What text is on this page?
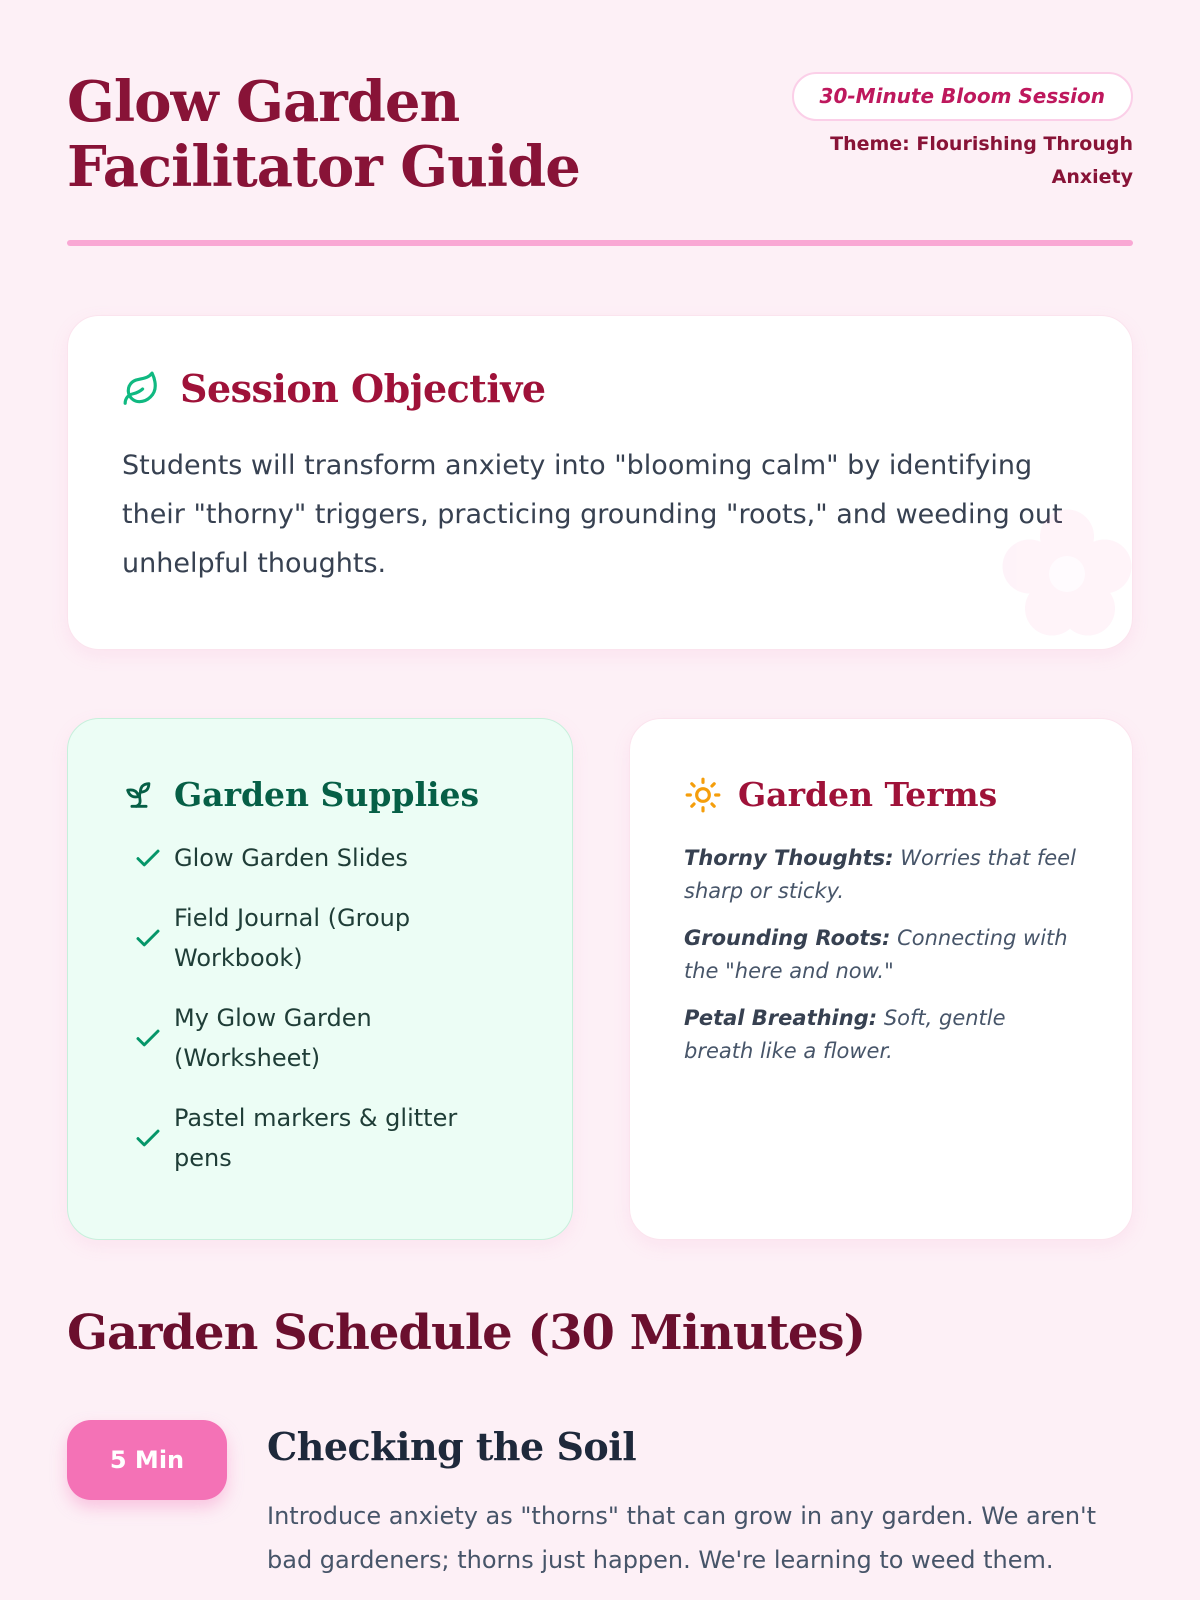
Glow Garden Facilitator Guide
30-Minute Bloom Session
Theme: Flourishing Through Anxiety
Session Objective

Students will transform anxiety into "blooming calm" by identifying their "thorny" triggers, practicing grounding "roots," and weeding out unhelpful thoughts.

Garden Supplies
Glow Garden Slides
Field Journal (Group Workbook)
My Glow Garden (Worksheet)
Pastel markers & glitter pens
Garden Terms

Thorny Thoughts: Worries that feel sharp or sticky.

Grounding Roots: Connecting with the "here and now."

Petal Breathing: Soft, gentle breath like a flower.

Garden Schedule (30 Minutes)
5 Min	Checking the Soil

Introduce anxiety as "thorns" that can grow in any garden. We aren't bad gardeners; thorns just happen. We're learning to weed them.
